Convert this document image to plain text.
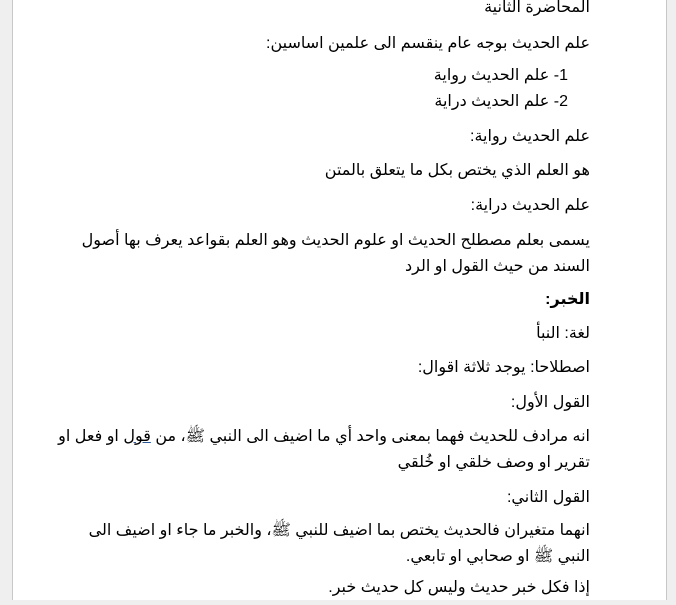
المحاضرة الثانية
علم الحديث بوجه عام ينقسم الى علمين اساسين:
1- علم الحديث رواية
2- علم الحديث دراية
علم الحديث رواية:
هو العلم الذي يختص بكل ما يتعلق بالمتن
علم الحديث دراية:
يسمى بعلم مصطلح الحديث او علوم الحديث وهو العلم بقواعد يعرف بها أصول
السند من حيث القول او الرد
الخبر:
لغة: النبأ
اصطلاحا: يوجد ثلاثة اقوال:
القول الأول:
انه مرادف للحديث فهما بمعنى واحد أي ما اضيف الى النبي ﷺ، من قول او فعل او
تقرير او وصف خلقي او خُلقي
القول الثاني:
انهما متغيران فالحديث يختص بما اضيف للنبي ﷺ، والخبر ما جاء او اضيف الى
النبي ﷺ او صحابي او تابعي.
إذا فكل خبر حديث وليس كل حديث خبر.
